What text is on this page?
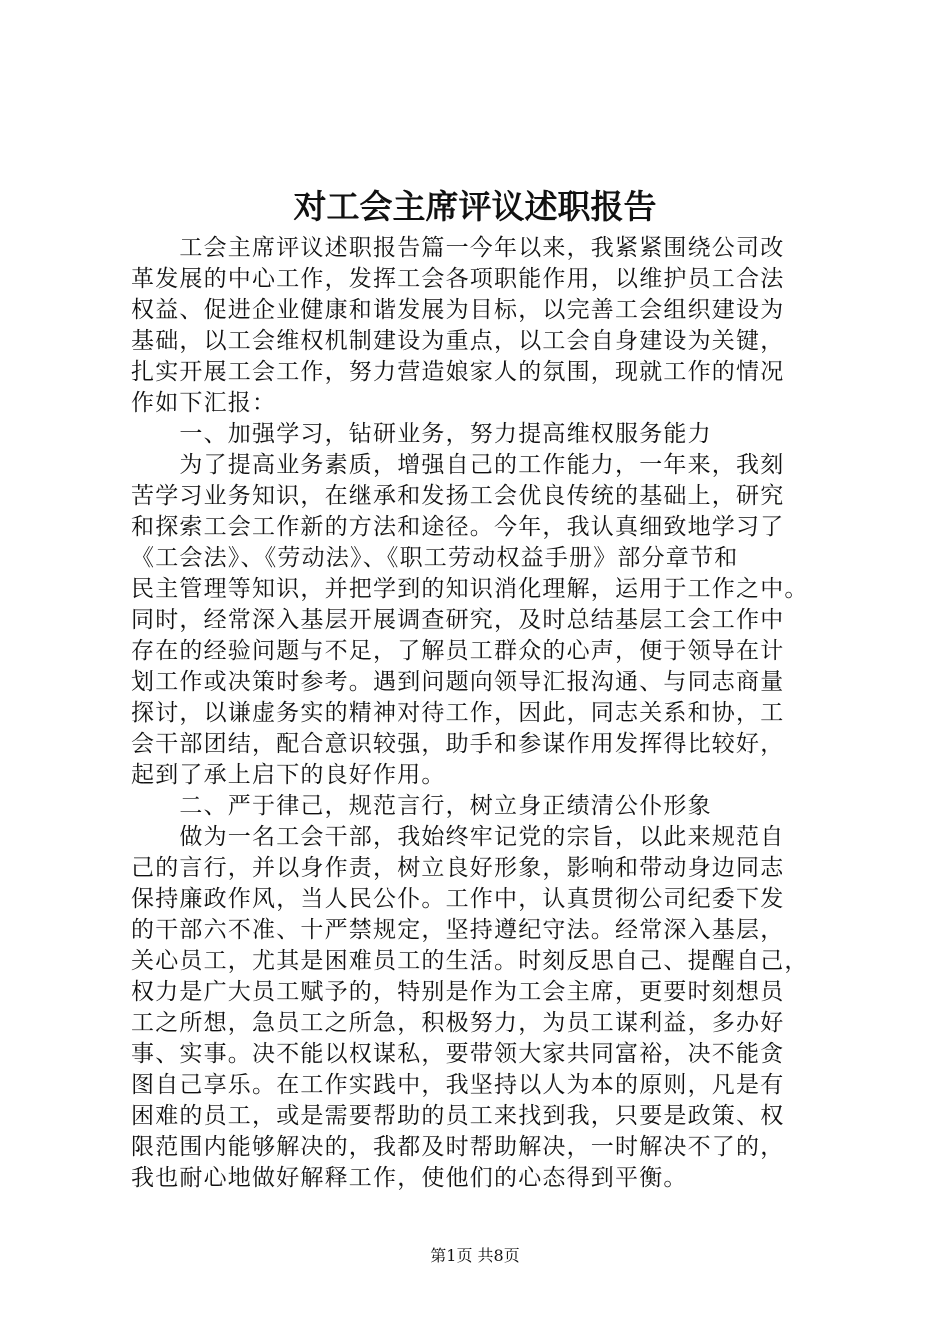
对工会主席评议述职报告
　　工会主席评议述职报告篇一今年以来，我紧紧围绕公司改
革发展的中心工作，发挥工会各项职能作用，以维护员工合法
权益、促进企业健康和谐发展为目标，以完善工会组织建设为
基础，以工会维权机制建设为重点，以工会自身建设为关键，
扎实开展工会工作，努力营造娘家人的氛围，现就工作的情况
作如下汇报：
　　一、加强学习，钻研业务，努力提高维权服务能力
　　为了提高业务素质，增强自己的工作能力，一年来，我刻
苦学习业务知识，在继承和发扬工会优良传统的基础上，研究
和探索工会工作新的方法和途径。今年，我认真细致地学习了
《工会法》、《劳动法》、《职工劳动权益手册》部分章节和
民主管理等知识，并把学到的知识消化理解，运用于工作之中。
同时，经常深入基层开展调查研究，及时总结基层工会工作中
存在的经验问题与不足，了解员工群众的心声，便于领导在计
划工作或决策时参考。遇到问题向领导汇报沟通、与同志商量
探讨，以谦虚务实的精神对待工作，因此，同志关系和协，工
会干部团结，配合意识较强，助手和参谋作用发挥得比较好，
起到了承上启下的良好作用。
　　二、严于律己，规范言行，树立身正绩清公仆形象
　　做为一名工会干部，我始终牢记党的宗旨，以此来规范自
己的言行，并以身作责，树立良好形象，影响和带动身边同志
保持廉政作风，当人民公仆。工作中，认真贯彻公司纪委下发
的干部六不准、十严禁规定，坚持遵纪守法。经常深入基层，
关心员工，尤其是困难员工的生活。时刻反思自己、提醒自己，
权力是广大员工赋予的，特别是作为工会主席，更要时刻想员
工之所想，急员工之所急，积极努力，为员工谋利益，多办好
事、实事。决不能以权谋私，要带领大家共同富裕，决不能贪
图自己享乐。在工作实践中，我坚持以人为本的原则，凡是有
困难的员工，或是需要帮助的员工来找到我，只要是政策、权
限范围内能够解决的，我都及时帮助解决，一时解决不了的，
我也耐心地做好解释工作，使他们的心态得到平衡。
第1页 共8页
